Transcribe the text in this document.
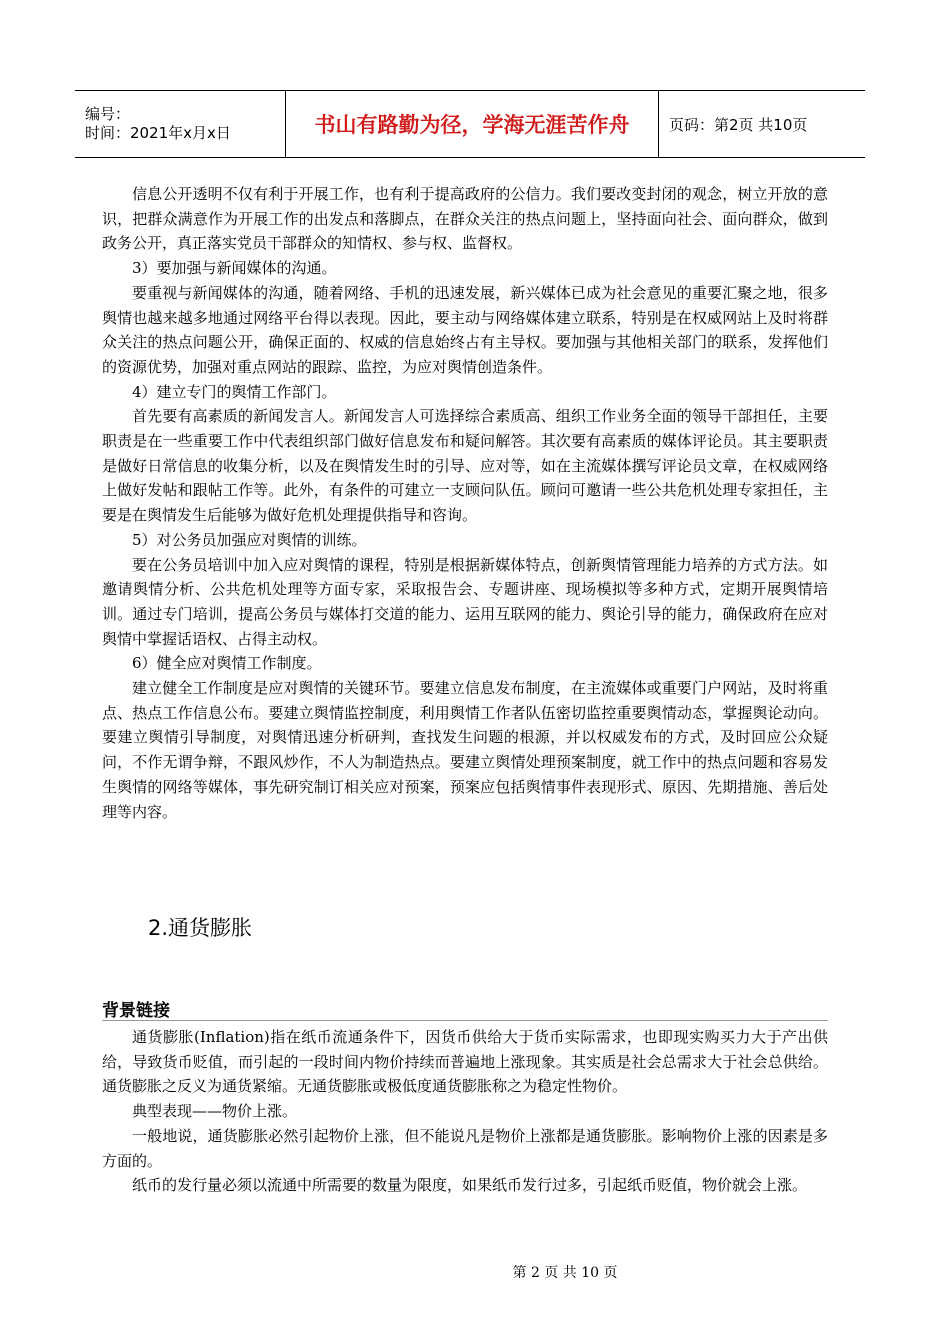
编号：
时间：2021年x月x日	书山有路勤为径，学海无涯苦作舟	页码：第2页 共10页

信息公开透明不仅有利于开展工作，也有利于提高政府的公信力。我们要改变封闭的观念，树立开放的意识，把群众满意作为开展工作的出发点和落脚点，在群众关注的热点问题上，坚持面向社会、面向群众，做到政务公开，真正落实党员干部群众的知情权、参与权、监督权。

3）要加强与新闻媒体的沟通。

要重视与新闻媒体的沟通，随着网络、手机的迅速发展，新兴媒体已成为社会意见的重要汇聚之地，很多舆情也越来越多地通过网络平台得以表现。因此，要主动与网络媒体建立联系，特别是在权威网站上及时将群众关注的热点问题公开，确保正面的、权威的信息始终占有主导权。要加强与其他相关部门的联系，发挥他们的资源优势，加强对重点网站的跟踪、监控，为应对舆情创造条件。

4）建立专门的舆情工作部门。

首先要有高素质的新闻发言人。新闻发言人可选择综合素质高、组织工作业务全面的领导干部担任，主要职责是在一些重要工作中代表组织部门做好信息发布和疑问解答。其次要有高素质的媒体评论员。其主要职责是做好日常信息的收集分析，以及在舆情发生时的引导、应对等，如在主流媒体撰写评论员文章，在权威网络上做好发帖和跟帖工作等。此外，有条件的可建立一支顾问队伍。顾问可邀请一些公共危机处理专家担任，主要是在舆情发生后能够为做好危机处理提供指导和咨询。

5）对公务员加强应对舆情的训练。

要在公务员培训中加入应对舆情的课程，特别是根据新媒体特点，创新舆情管理能力培养的方式方法。如邀请舆情分析、公共危机处理等方面专家，采取报告会、专题讲座、现场模拟等多种方式，定期开展舆情培训。通过专门培训，提高公务员与媒体打交道的能力、运用互联网的能力、舆论引导的能力，确保政府在应对舆情中掌握话语权、占得主动权。

6）健全应对舆情工作制度。

建立健全工作制度是应对舆情的关键环节。要建立信息发布制度，在主流媒体或重要门户网站，及时将重点、热点工作信息公布。要建立舆情监控制度，利用舆情工作者队伍密切监控重要舆情动态，掌握舆论动向。要建立舆情引导制度，对舆情迅速分析研判，查找发生问题的根源，并以权威发布的方式，及时回应公众疑问，不作无谓争辩，不跟风炒作，不人为制造热点。要建立舆情处理预案制度，就工作中的热点问题和容易发生舆情的网络等媒体，事先研究制订相关应对预案，预案应包括舆情事件表现形式、原因、先期措施、善后处理等内容。

2.通货膨胀
背景链接

通货膨胀(Inflation)指在纸币流通条件下，因货币供给大于货币实际需求，也即现实购买力大于产出供给，导致货币贬值，而引起的一段时间内物价持续而普遍地上涨现象。其实质是社会总需求大于社会总供给。通货膨胀之反义为通货紧缩。无通货膨胀或极低度通货膨胀称之为稳定性物价。

典型表现——物价上涨。

一般地说，通货膨胀必然引起物价上涨，但不能说凡是物价上涨都是通货膨胀。影响物价上涨的因素是多方面的。

纸币的发行量必须以流通中所需要的数量为限度，如果纸币发行过多，引起纸币贬值，物价就会上涨。

第 2 页 共 10 页
